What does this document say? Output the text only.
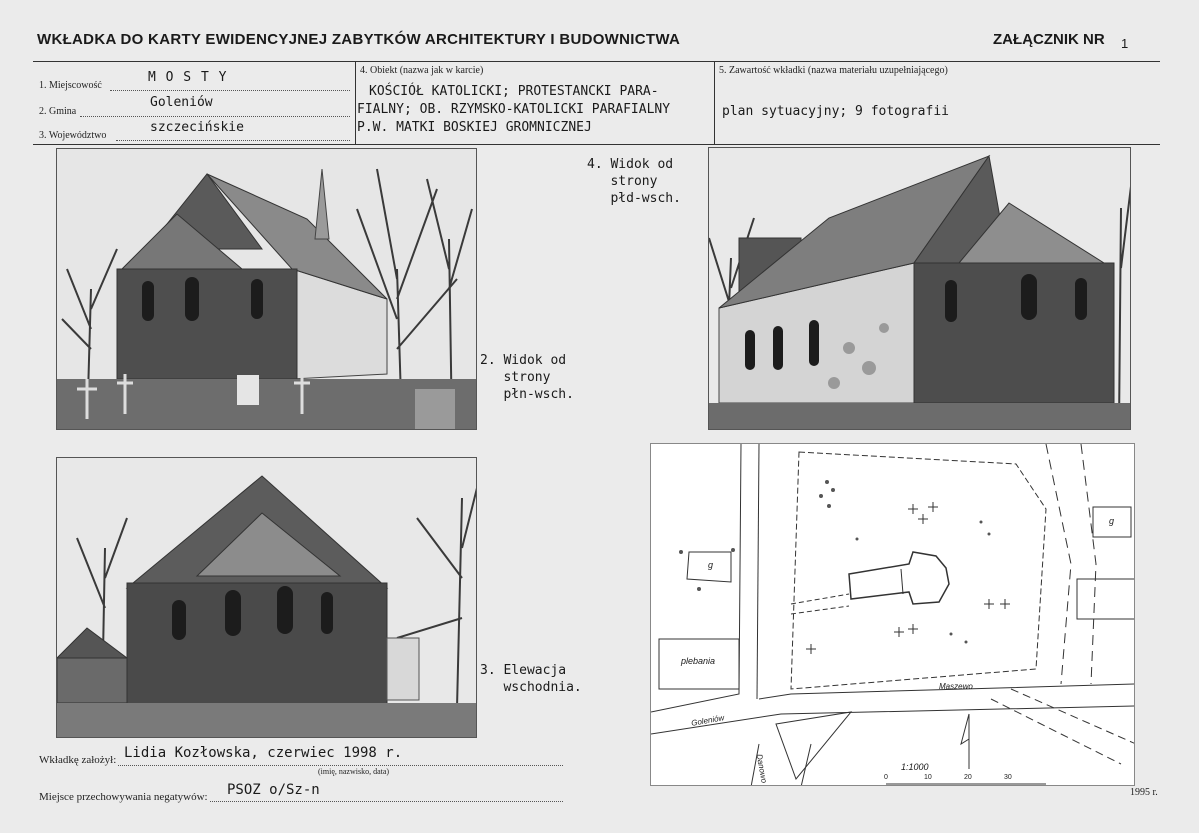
WKŁADKA DO KARTY EWIDENCYJNEJ ZABYTKÓW ARCHITEKTURY I BUDOWNICTWA	ZAŁĄCZNIK NR 1
1. Miejscowość
M O S T Y
2. Gmina
Goleniów
3. Województwo
szczecińskie
4. Obiekt (nazwa jak w karcie)
KOŚCIÓŁ KATOLICKI; PROTESTANCKI PARA-
FIALNY; OB. RZYMSKO-KATOLICKI PARAFIALNY
P.W. MATKI BOSKIEJ GROMNICZNEJ
5. Zawartość wkładki (nazwa materiału uzupełniającego)
plan sytuacyjny; 9 fotografii
2. Widok od
strony
płn-wsch.
3. Elewacja
wschodnia.
4. Widok od
strony
płd-wsch.
plebania
g
g
Maszewo
Goleniów
Danowo	1:1000
0	10	20	30
Wkładkę założył: Lidia Kozłowska, czerwiec 1998 r.
(imię, nazwisko, data)
Miejsce przechowywania negatywów: PSOZ o/Sz-n	1995 r.
